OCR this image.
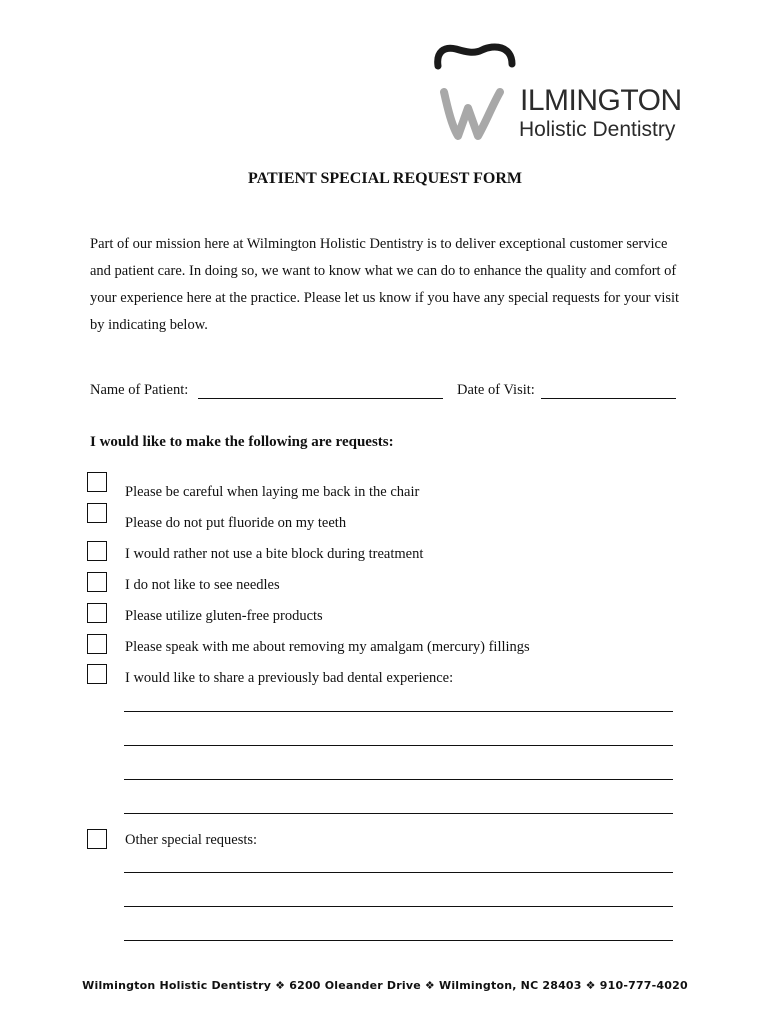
ILMINGTON
Holistic Dentistry
PATIENT SPECIAL REQUEST FORM

Part of our mission here at Wilmington Holistic Dentistry is to deliver exceptional customer service and patient care. In doing so, we want to know what we can do to enhance the quality and comfort of your experience here at the practice. Please let us know if you have any special requests for your visit by indicating below.

Name of Patient:	Date of Visit:
I would like to make the following are requests:
Please be careful when laying me back in the chair
Please do not put fluoride on my teeth
I would rather not use a bite block during treatment
I do not like to see needles
Please utilize gluten-free products
Please speak with me about removing my amalgam (mercury) fillings
I would like to share a previously bad dental experience:
Other special requests:
Wilmington Holistic Dentistry ❖ 6200 Oleander Drive ❖ Wilmington, NC 28403 ❖ 910-777-4020
